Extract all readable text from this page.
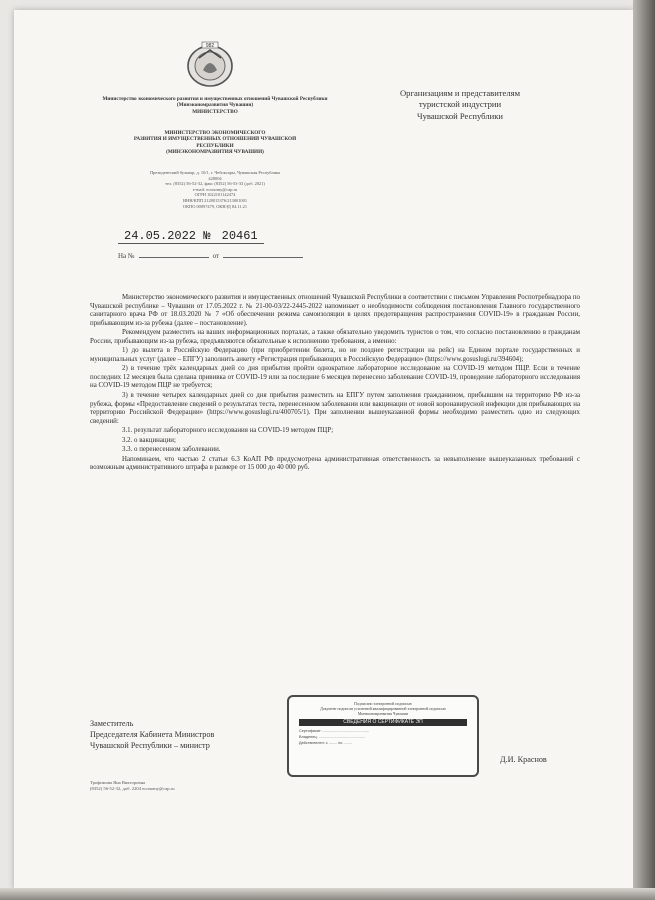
982
Министерство экономического развития и имущественных отношений Чувашской Республики
(Минэкономразвития Чувашии)
МИНИСТЕРСТВО
МИНИСТЕРСТВО ЭКОНОМИЧЕСКОГО
РАЗВИТИЯ И ИМУЩЕСТВЕННЫХ ОТНОШЕНИЙ ЧУВАШСКОЙ
РЕСПУБЛИКИ
(МИНЭКОНОМРАЗВИТИЯ ЧУВАШИИ)
Президентский бульвар, д. 10/1, г. Чебоксары, Чувашская Республика
428004
тел. (8352) 56-52-32, факс (8352) 56-53-33 (доб. 2021)
e-mail: economy@cap.ru
ОГРН 1022101142474
ИНН/КПП 2128015376/213001001
ОКПО 00097479, ОКВЭД 84.11.21
24.05.2022 № 20461
На №	от
Организациям и представителям
туристской индустрии
Чувашской Республики

Министерство экономического развития и имущественных отношений Чувашской Республики в соответствии с письмом Управления Роспотребнадзора по Чувашской республике – Чувашии от 17.05.2022 г. № 21-00-03/22-2445-2022 напоминает о необходимости соблюдения постановления Главного государственного санитарного врача РФ от 18.03.2020 № 7 «Об обеспечении режима самоизоляции в целях предотвращения распространения COVID-19» в гражданам России, прибывающим из-за рубежа (далее – постановление).

Рекомендуем разместить на ваших информационных порталах, а также обязательно уведомить туристов о том, что согласно постановлению в гражданам России, прибывающим из-за рубежа, предъявляются обязательные к исполнению требования, а именно:

1) до вылета в Российскую Федерацию (при приобретении билета, но не позднее регистрации на рейс) на Едином портале государственных и муниципальных услуг (далее – ЕПГУ) заполнить анкету «Регистрация прибывающих в Российскую Федерацию» (https://www.gosuslugi.ru/394604);

2) в течение трёх календарных дней со дня прибытия пройти однократное лабораторное исследование на COVID-19 методом ПЦР. Если в течение последних 12 месяцев была сделана прививка от COVID-19 или за последние 6 месяцев перенесено заболевание COVID-19, проведение лабораторного исследования на COVID-19 методом ПЦР не требуется;

3) в течение четырех календарных дней со дня прибытия разместить на ЕПГУ путем заполнения гражданином, прибывшим на территорию РФ из-за рубежа, формы «Предоставление сведений о результатах теста, перенесенном заболевании или вакцинации от новой коронавирусной инфекции для прибывающих на территорию Российской Федерации» (https://www.gosuslugi.ru/400705/1). При заполнении вышеуказанной формы необходимо разместить одно из следующих сведений:

3.1. результат лабораторного исследования на COVID-19 методом ПЦР;

3.2. о вакцинации;

3.3. о перенесенном заболевании.

Напоминаем, что частью 2 статьи 6.3 КоАП РФ предусмотрена административная ответственность за невыполнение вышеуказанных требований с возможным административного штрафа в размере от 15 000 до 40 000 руб.

Подписано электронной подписью
Документ подписан усиленной квалифицированной электронной подписью
Минэкономразвития Чувашии
СВЕДЕНИЯ О СЕРТИФИКАТЕ ЭП
Сертификат: ............................................
Владелец: ............................................
Действителен: с ........ по ........
Заместитель
Председателя Кабинета Министров
Чувашской Республики – министр
Д.И. Краснов
Трофимова Яна Викторовна
(8352) 56-52-32, доб. 2204 economy@cap.ru
